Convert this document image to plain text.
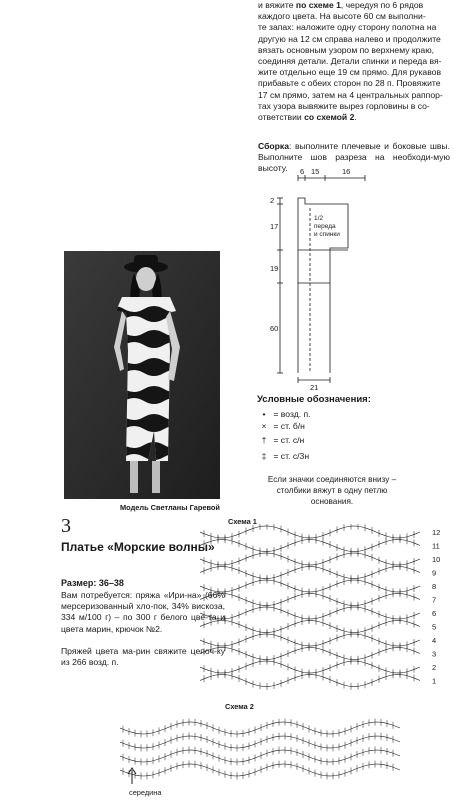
и вяжите по схеме 1, чередуя по 6 рядов
каждого цвета. На высоте 60 см выполни-
те запах: наложите одну сторону полотна на
другую на 12 см справа налево и продолжите
вязать основным узором по верхнему краю,
соединяя детали. Детали спинки и переда вя-
жите отдельно еще 19 см прямо. Для рукавов
прибавьте с обеих сторон по 28 п. Провяжите
17 см прямо, затем на 4 центральных раппор-
тах узора вывяжите вырез горловины в со-
ответствии со схемой 2.
Сборка: выполните плечевые и боковые швы. Выполните шов разреза на необходи-мую высоту.	6 15	16
2
17
19
60
21
1/2
переда
и спинки
Модель Светланы Гаревой
3
Платье «Морские волны»
Размер: 36–38
Вам потребуется: пряжа «Ири-на» (66% мерсеризованный хло-пок, 34% вискоза, 334 м/100 г) – по 300 г белого цве-та и цвета марин, крючок №2.

Пряжей цвета ма-рин свяжите цепоч-ку из 266 возд. п.
Условные обозначения:
• = возд. п.
× = ст. б/н
† = ст. с/н
‡ = ст. с/3н
Если значки соединяются внизу – столбики вяжут в одну петлю основания.
Схема 1
12
11
10
9
8
7
6
5
4
3
2
1
Схема 2
середина
